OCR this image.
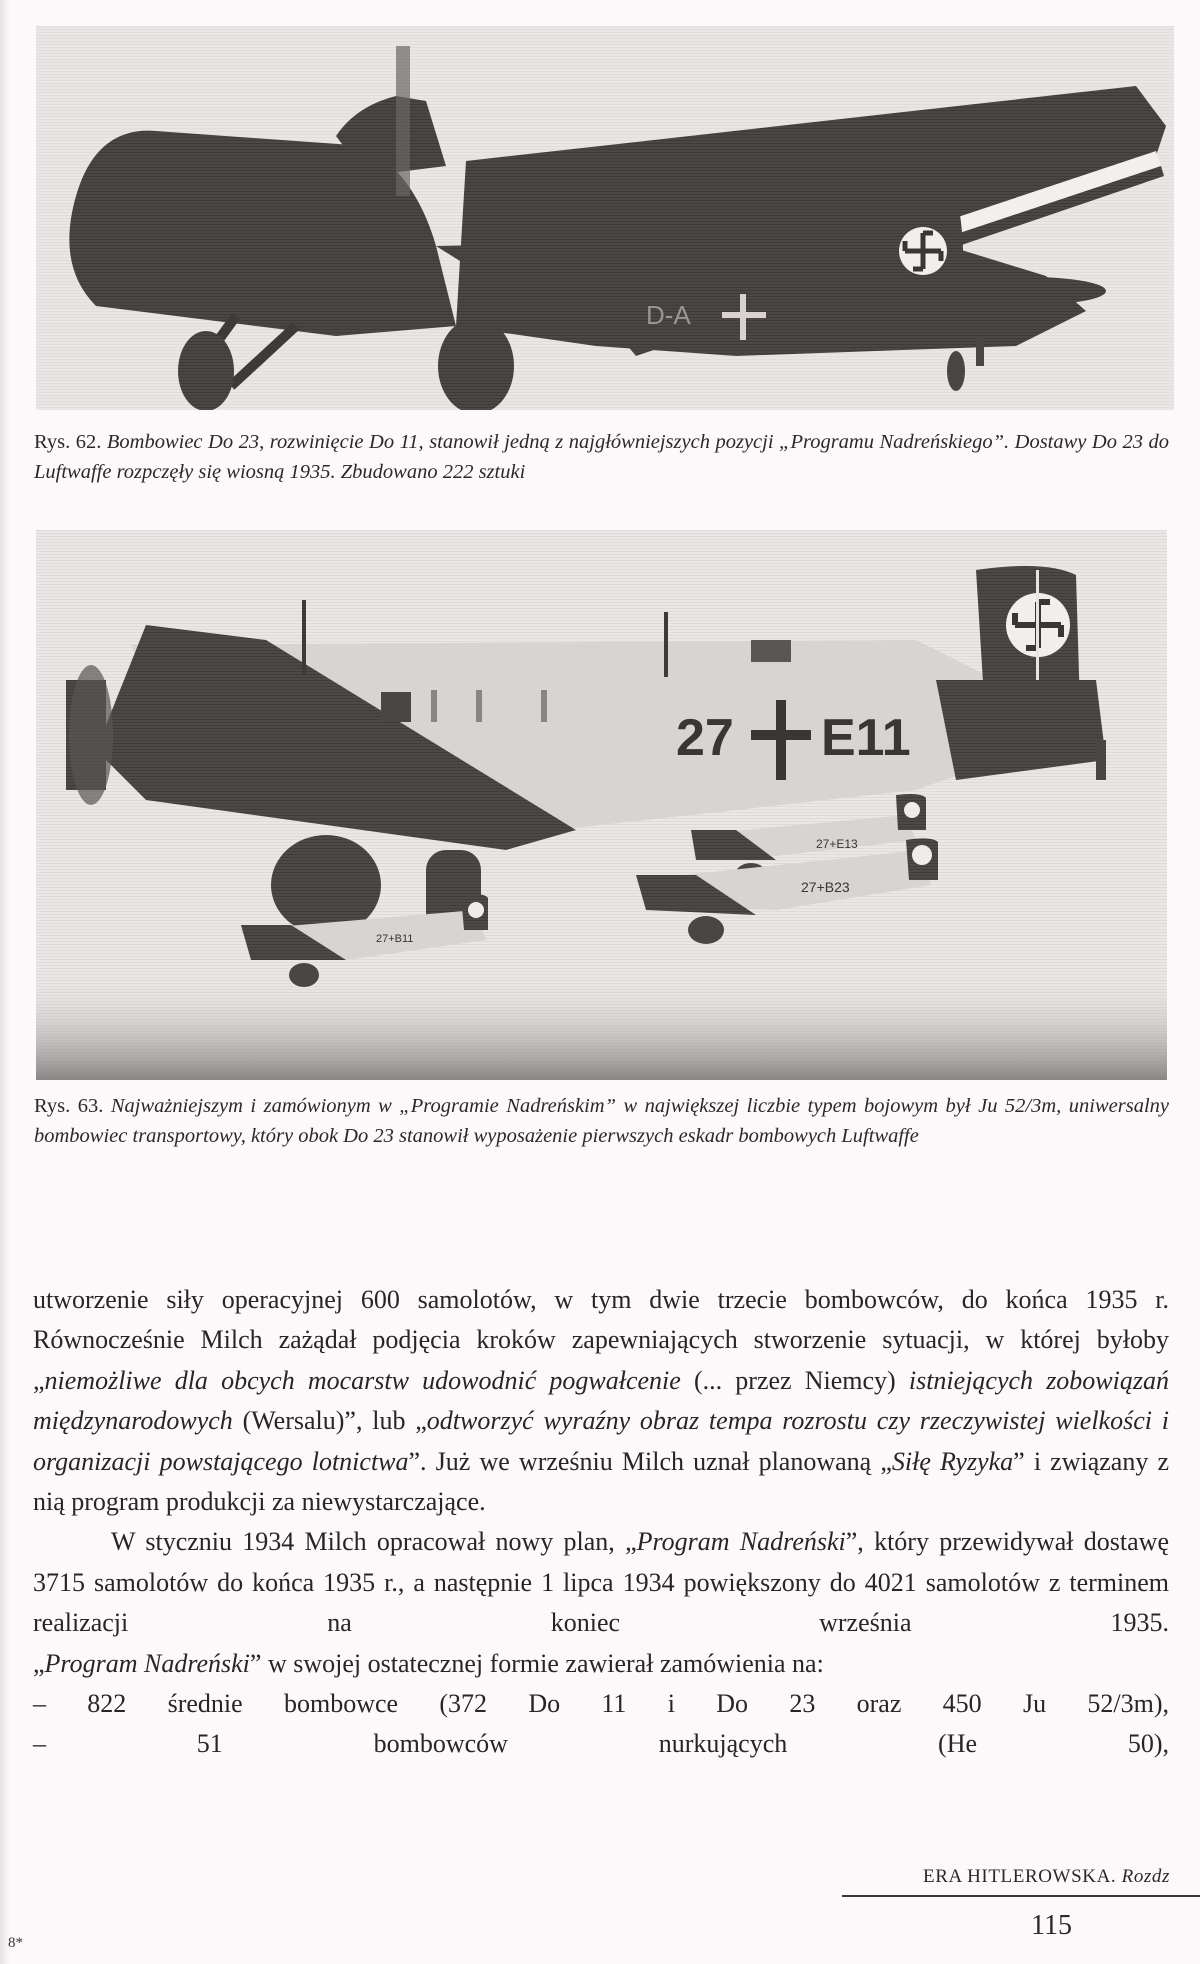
D-A
Rys. 62. Bombowiec Do 23, rozwinięcie Do 11, stanowił jedną z najgłówniejszych pozycji „Programu Nadreńskiego”. Dostawy Do 23 do Luftwaffe rozpczęły się wiosną 1935. Zbudowano 222 sztuki
27 E11
27+E13
27+B23
27+B11
Rys. 63. Najważniejszym i zamówionym w „Programie Nadreńskim” w największej liczbie typem bojowym był Ju 52/3m, uniwersalny bombowiec transportowy, który obok Do 23 stanowił wyposażenie pierwszych eskadr bombowych Luftwaffe

utworzenie siły operacyjnej 600 samolotów, w tym dwie trzecie bombowców, do końca 1935 r. Równocześnie Milch zażądał podjęcia kroków zapewniających stworzenie sytuacji, w której byłoby „niemożliwe dla obcych mocarstw udowodnić pogwałcenie (... przez Niemcy) istniejących zobowiązań międzynarodowych (Wersalu)”, lub „odtworzyć wyraźny obraz tempa rozrostu czy rzeczywistej wielkości i organizacji powstającego lotnictwa”. Już we wrześniu Milch uznał planowaną „Siłę Ryzyka” i związany z nią program produkcji za niewystarczające.

W styczniu 1934 Milch opracował nowy plan, „Program Nadreński”, który przewidywał dostawę 3715 samolotów do końca 1935 r., a następnie 1 lipca 1934 powiększony do 4021 samolotów z terminem realizacji na koniec września 1935.

„Program Nadreński” w swojej ostatecznej formie zawierał zamówienia na:

– 822 średnie bombowce (372 Do 11 i Do 23 oraz 450 Ju 52/3m),

– 51 bombowców nurkujących (He 50),

ERA HITLEROWSKA. Rozdz
115
8*
